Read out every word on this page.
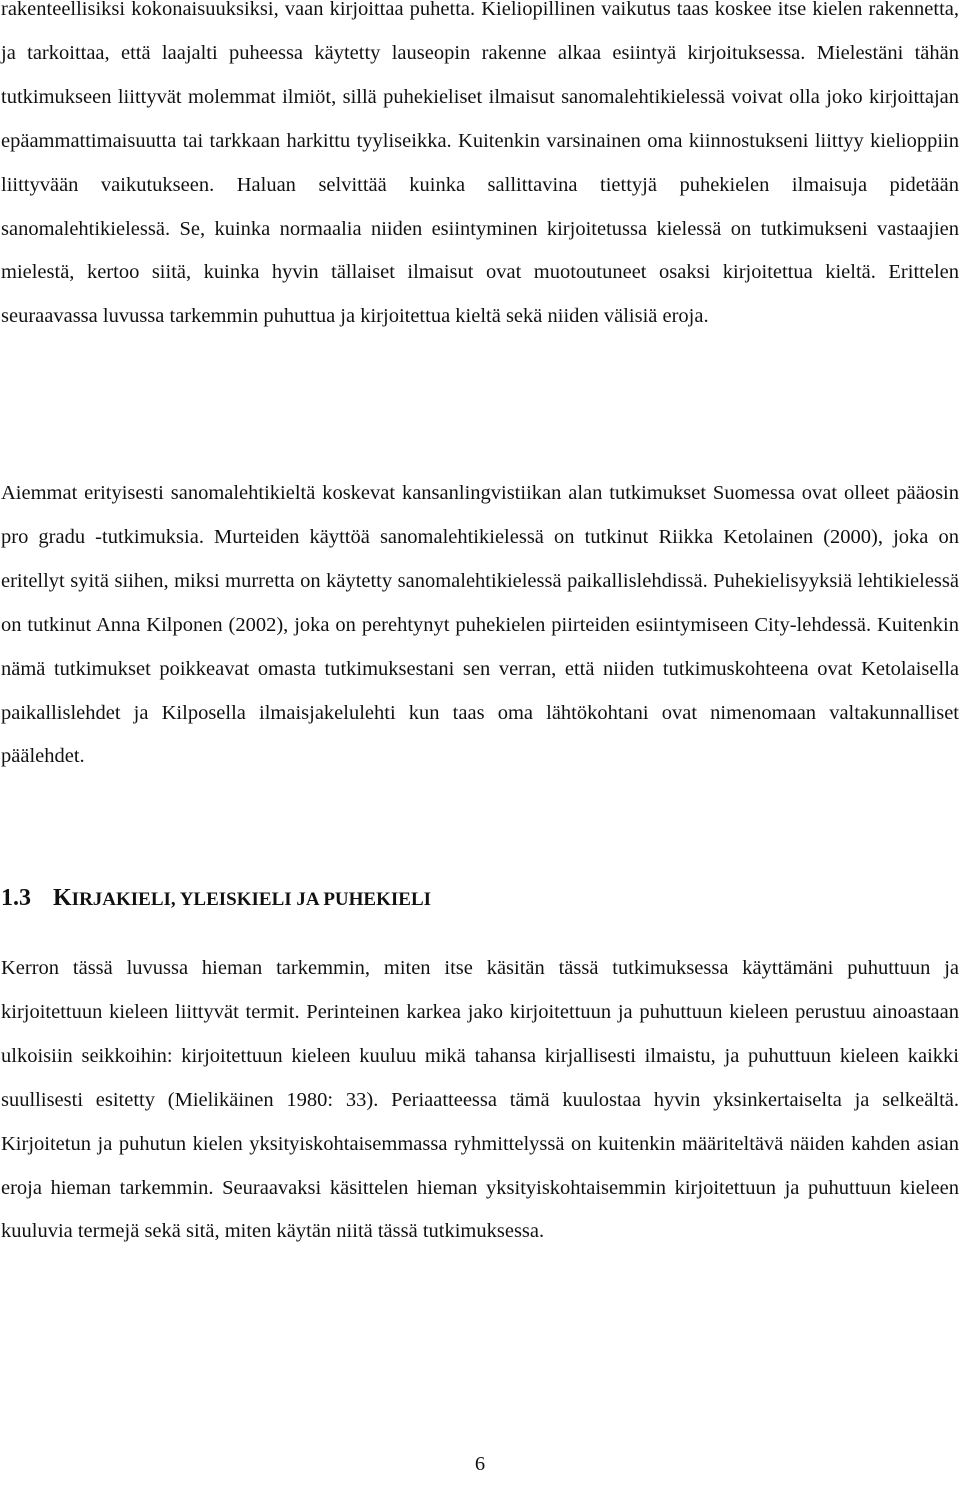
rakenteellisiksi kokonaisuuksiksi, vaan kirjoittaa puhetta. Kieliopillinen vaikutus taas koskee itse kielen rakennetta, ja tarkoittaa, että laajalti puheessa käytetty lauseopin rakenne alkaa esiintyä kirjoituksessa. Mielestäni tähän tutkimukseen liittyvät molemmat ilmiöt, sillä puhekieliset ilmaisut sanomalehtikielessä voivat olla joko kirjoittajan epäammattimaisuutta tai tarkkaan harkittu tyyliseikka. Kuitenkin varsinainen oma kiinnostukseni liittyy kielioppiin liittyvään vaikutukseen. Haluan selvittää kuinka sallittavina tiettyjä puhekielen ilmaisuja pidetään sanomalehtikielessä. Se, kuinka normaalia niiden esiintyminen kirjoitetussa kielessä on tutkimukseni vastaajien mielestä, kertoo siitä, kuinka hyvin tällaiset ilmaisut ovat muotoutuneet osaksi kirjoitettua kieltä. Erittelen seuraavassa luvussa tarkemmin puhuttua ja kirjoitettua kieltä sekä niiden välisiä eroja.

Aiemmat erityisesti sanomalehtikieltä koskevat kansanlingvistiikan alan tutkimukset Suomessa ovat olleet pääosin pro gradu -tutkimuksia. Murteiden käyttöä sanomalehtikielessä on tutkinut Riikka Ketolainen (2000), joka on eritellyt syitä siihen, miksi murretta on käytetty sanomalehtikielessä paikallislehdissä. Puhekielisyyksiä lehtikielessä on tutkinut Anna Kilponen (2002), joka on perehtynyt puhekielen piirteiden esiintymiseen City-lehdessä. Kuitenkin nämä tutkimukset poikkeavat omasta tutkimuksestani sen verran, että niiden tutkimuskohteena ovat Ketolaisella paikallislehdet ja Kilposella ilmaisjakelulehti kun taas oma lähtökohtani ovat nimenomaan valtakunnalliset päälehdet.

1.3 KIRJAKIELI, YLEISKIELI JA PUHEKIELI

Kerron tässä luvussa hieman tarkemmin, miten itse käsitän tässä tutkimuksessa käyttämäni puhuttuun ja kirjoitettuun kieleen liittyvät termit. Perinteinen karkea jako kirjoitettuun ja puhuttuun kieleen perustuu ainoastaan ulkoisiin seikkoihin: kirjoitettuun kieleen kuuluu mikä tahansa kirjallisesti ilmaistu, ja puhuttuun kieleen kaikki suullisesti esitetty (Mielikäinen 1980: 33). Periaatteessa tämä kuulostaa hyvin yksinkertaiselta ja selkeältä. Kirjoitetun ja puhutun kielen yksityiskohtaisemmassa ryhmittelyssä on kuitenkin määriteltävä näiden kahden asian eroja hieman tarkemmin. Seuraavaksi käsittelen hieman yksityiskohtaisemmin kirjoitettuun ja puhuttuun kieleen kuuluvia termejä sekä sitä, miten käytän niitä tässä tutkimuksessa.

6
